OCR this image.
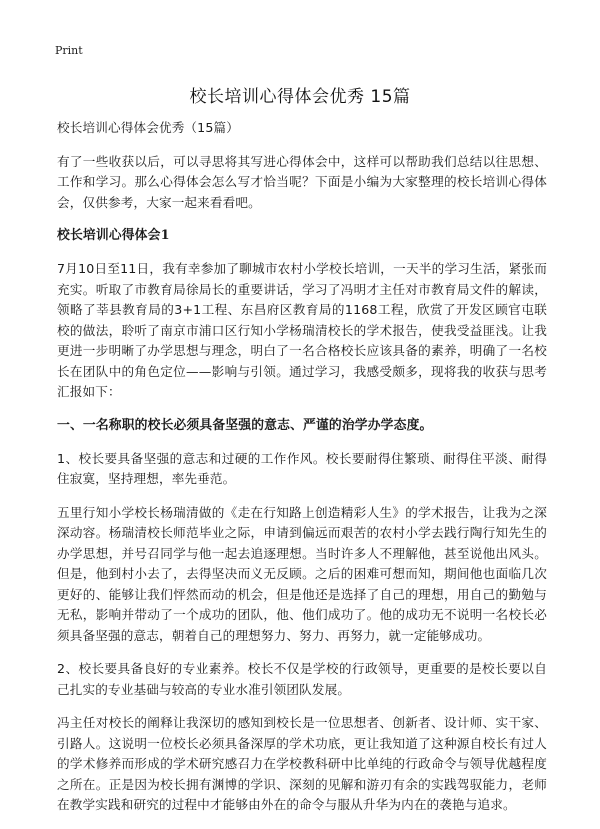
Print
校长培训心得体会优秀 15篇

校长培训心得体会优秀（15篇）

有了一些收获以后，可以寻思将其写进心得体会中，这样可以帮助我们总结以往思想、工作和学习。那么心得体会怎么写才恰当呢？下面是小编为大家整理的校长培训心得体会，仅供参考，大家一起来看看吧。

校长培训心得体会1

7月10日至11日，我有幸参加了聊城市农村小学校长培训，一天半的学习生活，紧张而充实。听取了市教育局徐局长的重要讲话，学习了冯明才主任对市教育局文件的解读，领略了莘县教育局的3+1工程、东昌府区教育局的1168工程，欣赏了开发区顾官屯联校的做法，聆听了南京市浦口区行知小学杨瑞清校长的学术报告，使我受益匪浅。让我更进一步明晰了办学思想与理念，明白了一名合格校长应该具备的素养，明确了一名校长在团队中的角色定位——影响与引领。通过学习，我感受颇多，现将我的收获与思考汇报如下：

一、一名称职的校长必须具备坚强的意志、严谨的治学办学态度。

1、校长要具备坚强的意志和过硬的工作作风。校长要耐得住繁琐、耐得住平淡、耐得住寂寞，坚持理想，率先垂范。

五里行知小学校长杨瑞清做的《走在行知路上创造精彩人生》的学术报告，让我为之深深动容。杨瑞清校长师范毕业之际，申请到偏远而艰苦的农村小学去践行陶行知先生的办学思想，并号召同学与他一起去追逐理想。当时许多人不理解他，甚至说他出风头。但是，他到村小去了，去得坚决而义无反顾。之后的困难可想而知，期间他也面临几次更好的、能够让我们怦然而动的机会，但是他还是选择了自己的理想，用自己的勤勉与无私，影响并带动了一个成功的团队，他、他们成功了。他的成功无不说明一名校长必须具备坚强的意志，朝着自己的理想努力、努力、再努力，就一定能够成功。

2、校长要具备良好的专业素养。校长不仅是学校的行政领导，更重要的是校长要以自己扎实的专业基础与较高的专业水准引领团队发展。

冯主任对校长的阐释让我深切的感知到校长是一位思想者、创新者、设计师、实干家、引路人。这说明一位校长必须具备深厚的学术功底，更让我知道了这种源自校长有过人的学术修养而形成的学术研究感召力在学校教科研中比单纯的行政命令与领导优越程度之所在。正是因为校长拥有渊博的学识、深刻的见解和游刃有余的实践驾驭能力，老师在教学实践和研究的过程中才能够由外在的命令与服从升华为内在的袭艳与追求。
